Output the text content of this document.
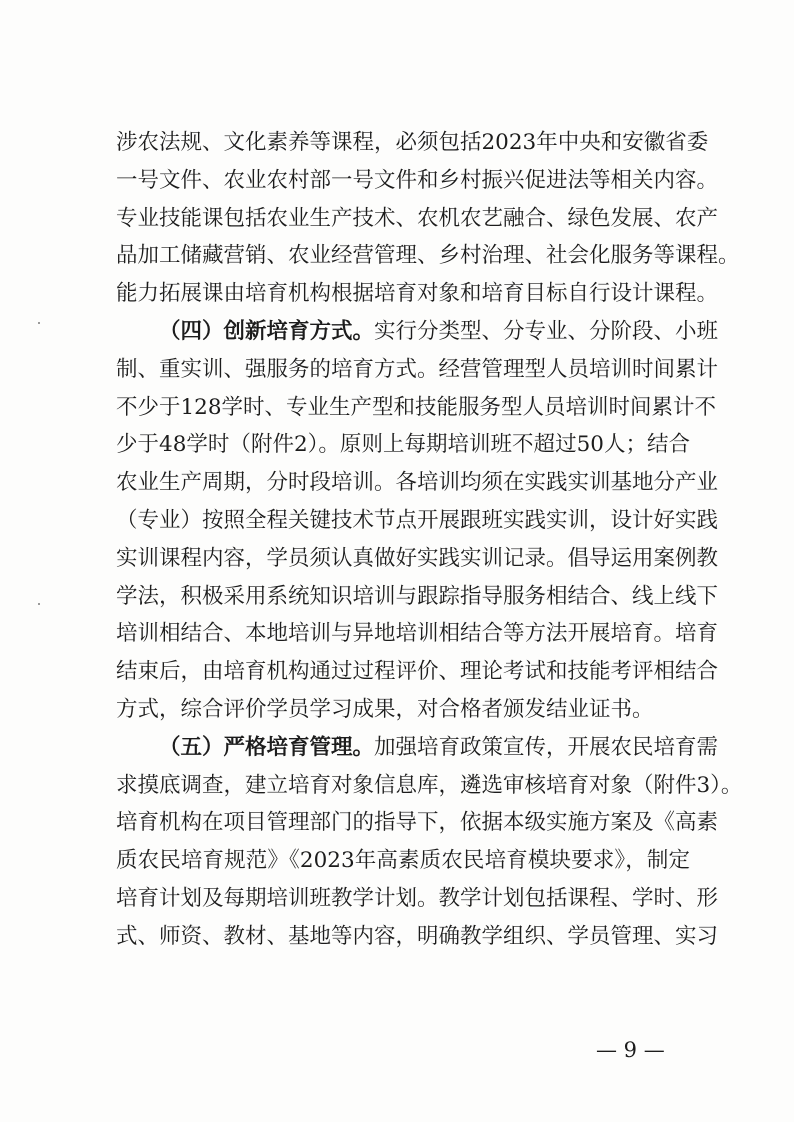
涉农法规、文化素养等课程，必须包括2023年中央和安徽省委
一号文件、农业农村部一号文件和乡村振兴促进法等相关内容。
专业技能课包括农业生产技术、农机农艺融合、绿色发展、农产
品加工储藏营销、农业经营管理、乡村治理、社会化服务等课程。
能力拓展课由培育机构根据培育对象和培育目标自行设计课程。
（四）创新培育方式。实行分类型、分专业、分阶段、小班
制、重实训、强服务的培育方式。经营管理型人员培训时间累计
不少于128学时、专业生产型和技能服务型人员培训时间累计不
少于48学时（附件2）。原则上每期培训班不超过50人；结合
农业生产周期，分时段培训。各培训均须在实践实训基地分产业
（专业）按照全程关键技术节点开展跟班实践实训，设计好实践
实训课程内容，学员须认真做好实践实训记录。倡导运用案例教
学法，积极采用系统知识培训与跟踪指导服务相结合、线上线下
培训相结合、本地培训与异地培训相结合等方法开展培育。培育
结束后，由培育机构通过过程评价、理论考试和技能考评相结合
方式，综合评价学员学习成果，对合格者颁发结业证书。
（五）严格培育管理。加强培育政策宣传，开展农民培育需
求摸底调查，建立培育对象信息库，遴选审核培育对象（附件3）。
培育机构在项目管理部门的指导下，依据本级实施方案及《高素
质农民培育规范》《2023年高素质农民培育模块要求》，制定
培育计划及每期培训班教学计划。教学计划包括课程、学时、形
式、师资、教材、基地等内容，明确教学组织、学员管理、实习
— 9 —
